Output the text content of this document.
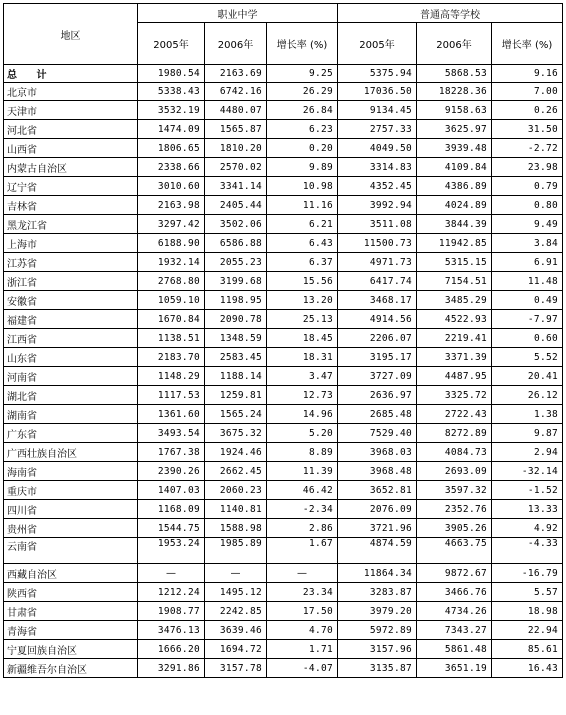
地区	职业中学			普通高等学校		
	2005年	2006年	增长率 (%)	2005年	2006年	增长率 (%)
总 计	1980.54	2163.69	9.25	5375.94	5868.53	9.16
北京市	5338.43	6742.16	26.29	17036.50	18228.36	7.00
天津市	3532.19	4480.07	26.84	9134.45	9158.63	0.26
河北省	1474.09	1565.87	6.23	2757.33	3625.97	31.50
山西省	1806.65	1810.20	0.20	4049.50	3939.48	-2.72
内蒙古自治区	2338.66	2570.02	9.89	3314.83	4109.84	23.98
辽宁省	3010.60	3341.14	10.98	4352.45	4386.89	0.79
吉林省	2163.98	2405.44	11.16	3992.94	4024.89	0.80
黑龙江省	3297.42	3502.06	6.21	3511.08	3844.39	9.49
上海市	6188.90	6586.88	6.43	11500.73	11942.85	3.84
江苏省	1932.14	2055.23	6.37	4971.73	5315.15	6.91
浙江省	2768.80	3199.68	15.56	6417.74	7154.51	11.48
安徽省	1059.10	1198.95	13.20	3468.17	3485.29	0.49
福建省	1670.84	2090.78	25.13	4914.56	4522.93	-7.97
江西省	1138.51	1348.59	18.45	2206.07	2219.41	0.60
山东省	2183.70	2583.45	18.31	3195.17	3371.39	5.52
河南省	1148.29	1188.14	3.47	3727.09	4487.95	20.41
湖北省	1117.53	1259.81	12.73	2636.97	3325.72	26.12
湖南省	1361.60	1565.24	14.96	2685.48	2722.43	1.38
广东省	3493.54	3675.32	5.20	7529.40	8272.89	9.87
广西壮族自治区	1767.38	1924.46	8.89	3968.03	4084.73	2.94
海南省	2390.26	2662.45	11.39	3968.48	2693.09	-32.14
重庆市	1407.03	2060.23	46.42	3652.81	3597.32	-1.52
四川省	1168.09	1140.81	-2.34	2076.09	2352.76	13.33
贵州省	1544.75	1588.98	2.86	3721.96	3905.26	4.92
云南省	1953.24	1985.89	1.67	4874.59	4663.75	-4.33
西藏自治区	—	—	—	11864.34	9872.67	-16.79
陕西省	1212.24	1495.12	23.34	3283.87	3466.76	5.57
甘肃省	1908.77	2242.85	17.50	3979.20	4734.26	18.98
青海省	3476.13	3639.46	4.70	5972.89	7343.27	22.94
宁夏回族自治区	1666.20	1694.72	1.71	3157.96	5861.48	85.61
新疆维吾尔自治区	3291.86	3157.78	-4.07	3135.87	3651.19	16.43
